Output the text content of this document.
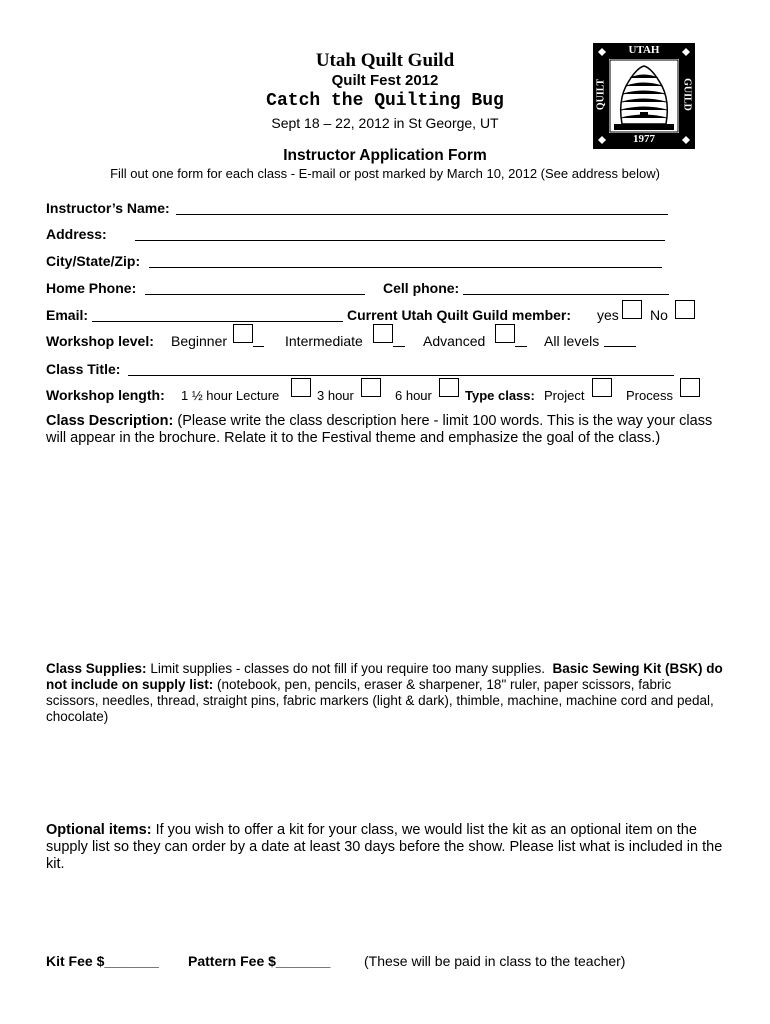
Utah Quilt Guild
Quilt Fest 2012
Catch the Quilting Bug
Sept 18 – 22, 2012 in St George, UT
Instructor Application Form
Fill out one form for each class - E-mail or post marked by March 10, 2012 (See address below)
UTAH
1977
QUILT	GUILD
Instructor’s Name:
Address:
City/State/Zip:
Home Phone:	Cell phone:
Email:	Current Utah Quilt Guild member: yes No
Workshop level: Beginner	Intermediate	Advanced	All levels
Class Title:
Workshop length: 1 ½ hour Lecture	3 hour	6 hour	Type class: Project	Process
Class Description: (Please write the class description here - limit 100 words. This is the way your class will appear in the brochure. Relate it to the Festival theme and emphasize the goal of the class.)
Class Supplies: Limit supplies - classes do not fill if you require too many supplies. Basic Sewing Kit (BSK) do not include on supply list: (notebook, pen, pencils, eraser & sharpener, 18" ruler, paper scissors, fabric scissors, needles, thread, straight pins, fabric markers (light & dark), thimble, machine, machine cord and pedal, chocolate)
Optional items: If you wish to offer a kit for your class, we would list the kit as an optional item on the supply list so they can order by a date at least 30 days before the show. Please list what is included in the kit.
Kit Fee $_______ Pattern Fee $_______ (These will be paid in class to the teacher)
